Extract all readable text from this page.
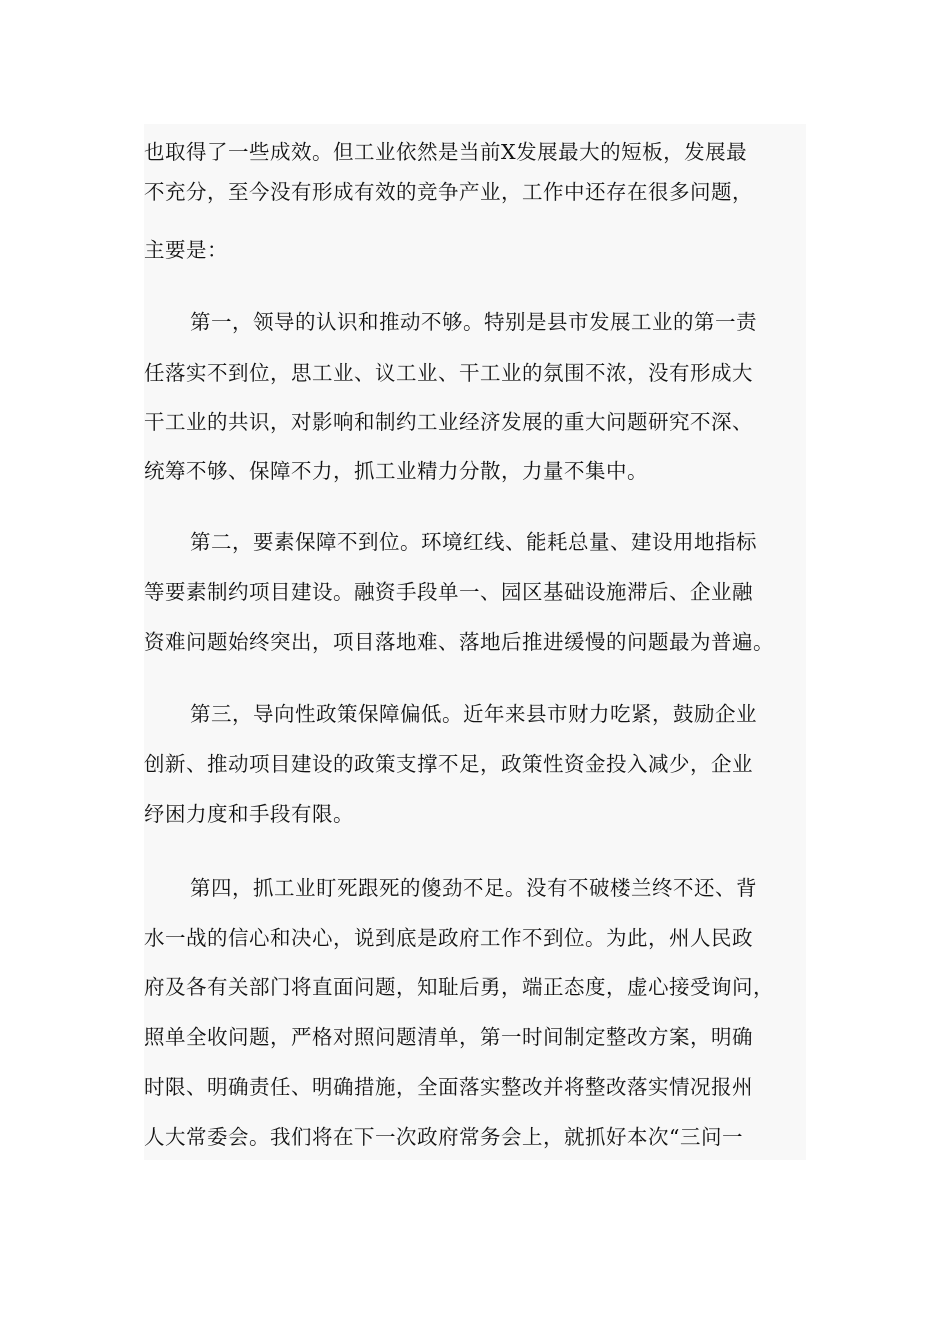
也取得了一些成效。但工业依然是当前X发展最大的短板，发展最
不充分，至今没有形成有效的竞争产业，工作中还存在很多问题，
主要是：
第一，领导的认识和推动不够。特别是县市发展工业的第一责
任落实不到位，思工业、议工业、干工业的氛围不浓，没有形成大
干工业的共识，对影响和制约工业经济发展的重大问题研究不深、
统筹不够、保障不力，抓工业精力分散，力量不集中。
第二，要素保障不到位。环境红线、能耗总量、建设用地指标
等要素制约项目建设。融资手段单一、园区基础设施滞后、企业融
资难问题始终突出，项目落地难、落地后推进缓慢的问题最为普遍。
第三，导向性政策保障偏低。近年来县市财力吃紧，鼓励企业
创新、推动项目建设的政策支撑不足，政策性资金投入减少，企业
纾困力度和手段有限。
第四，抓工业盯死跟死的傻劲不足。没有不破楼兰终不还、背
水一战的信心和决心，说到底是政府工作不到位。为此，州人民政
府及各有关部门将直面问题，知耻后勇，端正态度，虚心接受询问，
照单全收问题，严格对照问题清单，第一时间制定整改方案，明确
时限、明确责任、明确措施，全面落实整改并将整改落实情况报州
人大常委会。我们将在下一次政府常务会上，就抓好本次“三问一
